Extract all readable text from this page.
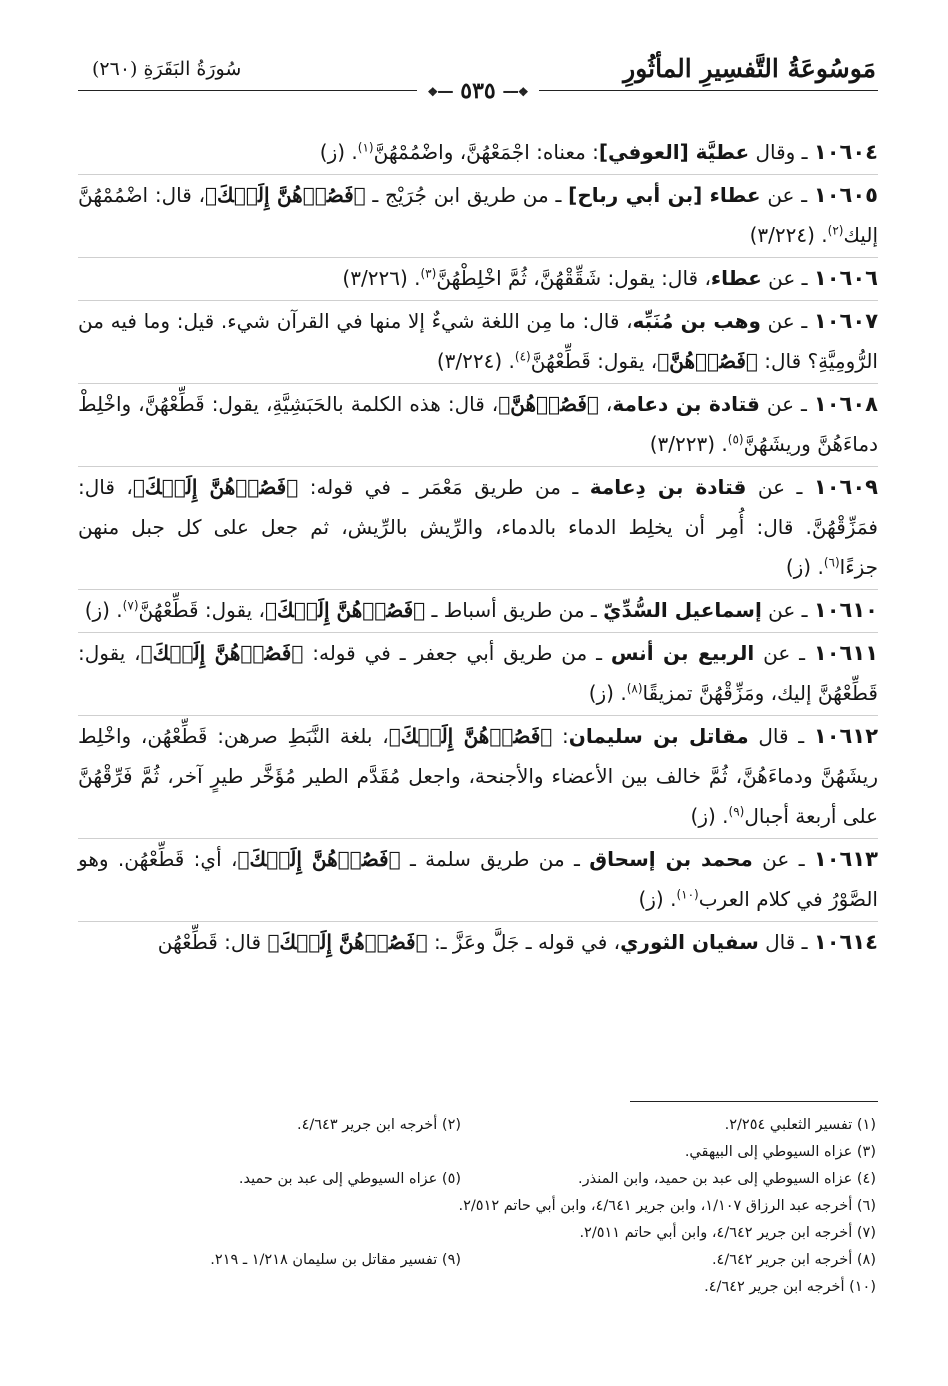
مَوسُوعَةُ التَّفسِيرِ المأثُورِ
سُورَةُ البَقَرَةِ (٢٦٠)
❖━━ ٥٣٥ ━━❖

١٠٦٠٤ ـ وقال عطيَّة [العوفي]: معناه: اجْمَعْهُنَّ، واضْمُمْهُنَّ$^{(١)}$. (ز)

١٠٦٠٥ ـ عن عطاء [بن أبي رباح] ـ من طريق ابن جُرَيْج ـ ﴿فَصُرۡهُنَّ إِلَيۡكَ﴾، قال: اضْمُمْهُنَّ إليك$^{(٢)}$. (٣/٢٢٤)

١٠٦٠٦ ـ عن عطاء، قال: يقول: شَقِّقْهُنَّ، ثُمَّ اخْلِطْهُنَّ$^{(٣)}$. (٣/٢٢٦)

١٠٦٠٧ ـ عن وهب بن مُنَبِّه، قال: ما مِن اللغة شيءٌ إلا منها في القرآن شيء. قيل: وما فيه من الرُّومِيَّةِ؟ قال: ﴿فَصُرۡهُنَّ﴾، يقول: قَطِّعْهُنَّ$^{(٤)}$. (٣/٢٢٤)

١٠٦٠٨ ـ عن قتادة بن دعامة، ﴿فَصُرۡهُنَّ﴾، قال: هذه الكلمة بالحَبَشِيَّةِ، يقول: قَطِّعْهُنَّ، واخْلِطْ دماءَهُنَّ وريشَهُنَّ$^{(٥)}$. (٣/٢٢٣)

١٠٦٠٩ ـ عن قتادة بن دِعامة ـ من طريق مَعْمَر ـ في قوله: ﴿فَصُرۡهُنَّ إِلَيۡكَ﴾، قال: فمَزِّقْهُنَّ. قال: أُمِر أن يخلِط الدماء بالدماء، والرِّيش بالرِّيش، ثم جعل على كل جبل منهن جزءًا$^{(٦)}$. (ز)

١٠٦١٠ ـ عن إسماعيل السُّدِّيّ ـ من طريق أسباط ـ ﴿فَصُرۡهُنَّ إِلَيۡكَ﴾، يقول: قَطِّعْهُنَّ$^{(٧)}$. (ز)

١٠٦١١ ـ عن الربيع بن أنس ـ من طريق أبي جعفر ـ في قوله: ﴿فَصُرۡهُنَّ إِلَيۡكَ﴾، يقول: قَطِّعْهُنَّ إليك، ومَزِّقْهُنَّ تمزيقًا$^{(٨)}$. (ز)

١٠٦١٢ ـ قال مقاتل بن سليمان: ﴿فَصُرۡهُنَّ إِلَيۡكَ﴾، بلغة النَّبَطِ صرهن: قَطِّعْهُن، واخْلِط ريشَهُنَّ ودماءَهُنَّ، ثُمَّ خالف بين الأعضاء والأجنحة، واجعل مُقَدَّم الطير مُؤَخَّر طيرٍ آخر، ثُمَّ فَرِّقْهُنَّ على أربعة أجبال$^{(٩)}$. (ز)

١٠٦١٣ ـ عن محمد بن إسحاق ـ من طريق سلمة ـ ﴿فَصُرۡهُنَّ إِلَيۡكَ﴾، أي: قَطِّعْهُن. وهو الصَّوْرُ في كلام العرب$^{(١٠)}$. (ز)

١٠٦١٤ ـ قال سفيان الثوري، في قوله ـ جَلَّ وعَزَّ ـ: ﴿فَصُرۡهُنَّ إِلَيۡكَ﴾ قال: قَطِّعْهُن

(١) تفسير الثعلبي ٢/٢٥٤.
(٢) أخرجه ابن جرير ٤/٦٤٣.
(٣) عزاه السيوطي إلى البيهقي.
(٤) عزاه السيوطي إلى عبد بن حميد، وابن المنذر.
(٥) عزاه السيوطي إلى عبد بن حميد.
(٦) أخرجه عبد الرزاق ١/١٠٧، وابن جرير ٤/٦٤١، وابن أبي حاتم ٢/٥١٢.
(٧) أخرجه ابن جرير ٤/٦٤٢، وابن أبي حاتم ٢/٥١١.
(٨) أخرجه ابن جرير ٤/٦٤٢.
(٩) تفسير مقاتل بن سليمان ١/٢١٨ ـ ٢١٩.
(١٠) أخرجه ابن جرير ٤/٦٤٢.
